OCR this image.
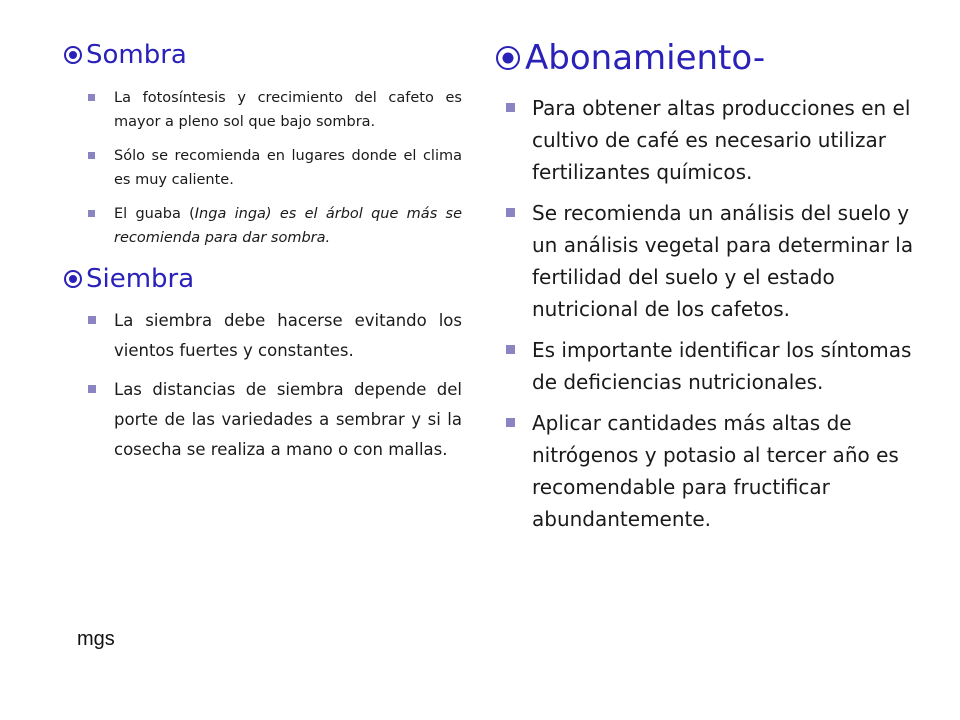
Sombra
La fotosíntesis y crecimiento del cafeto es mayor a pleno sol que bajo sombra.
Sólo se recomienda en lugares donde el clima es muy caliente.
El guaba (Inga inga) es el árbol que más se recomienda para dar sombra.
Siembra
La siembra debe hacerse evitando los vientos fuertes y constantes.
Las distancias de siembra depende del porte de las variedades a sembrar y si la cosecha se realiza a mano o con mallas.
Abonamiento-
Para obtener altas producciones en el cultivo de café es necesario utilizar fertilizantes químicos.
Se recomienda un análisis del suelo y un análisis vegetal para determinar la fertilidad del suelo y el estado nutricional de los cafetos.
Es importante identificar los síntomas de deficiencias nutricionales.
Aplicar cantidades más altas de nitrógenos y potasio al tercer año es recomendable para fructificar abundantemente.
mgs
